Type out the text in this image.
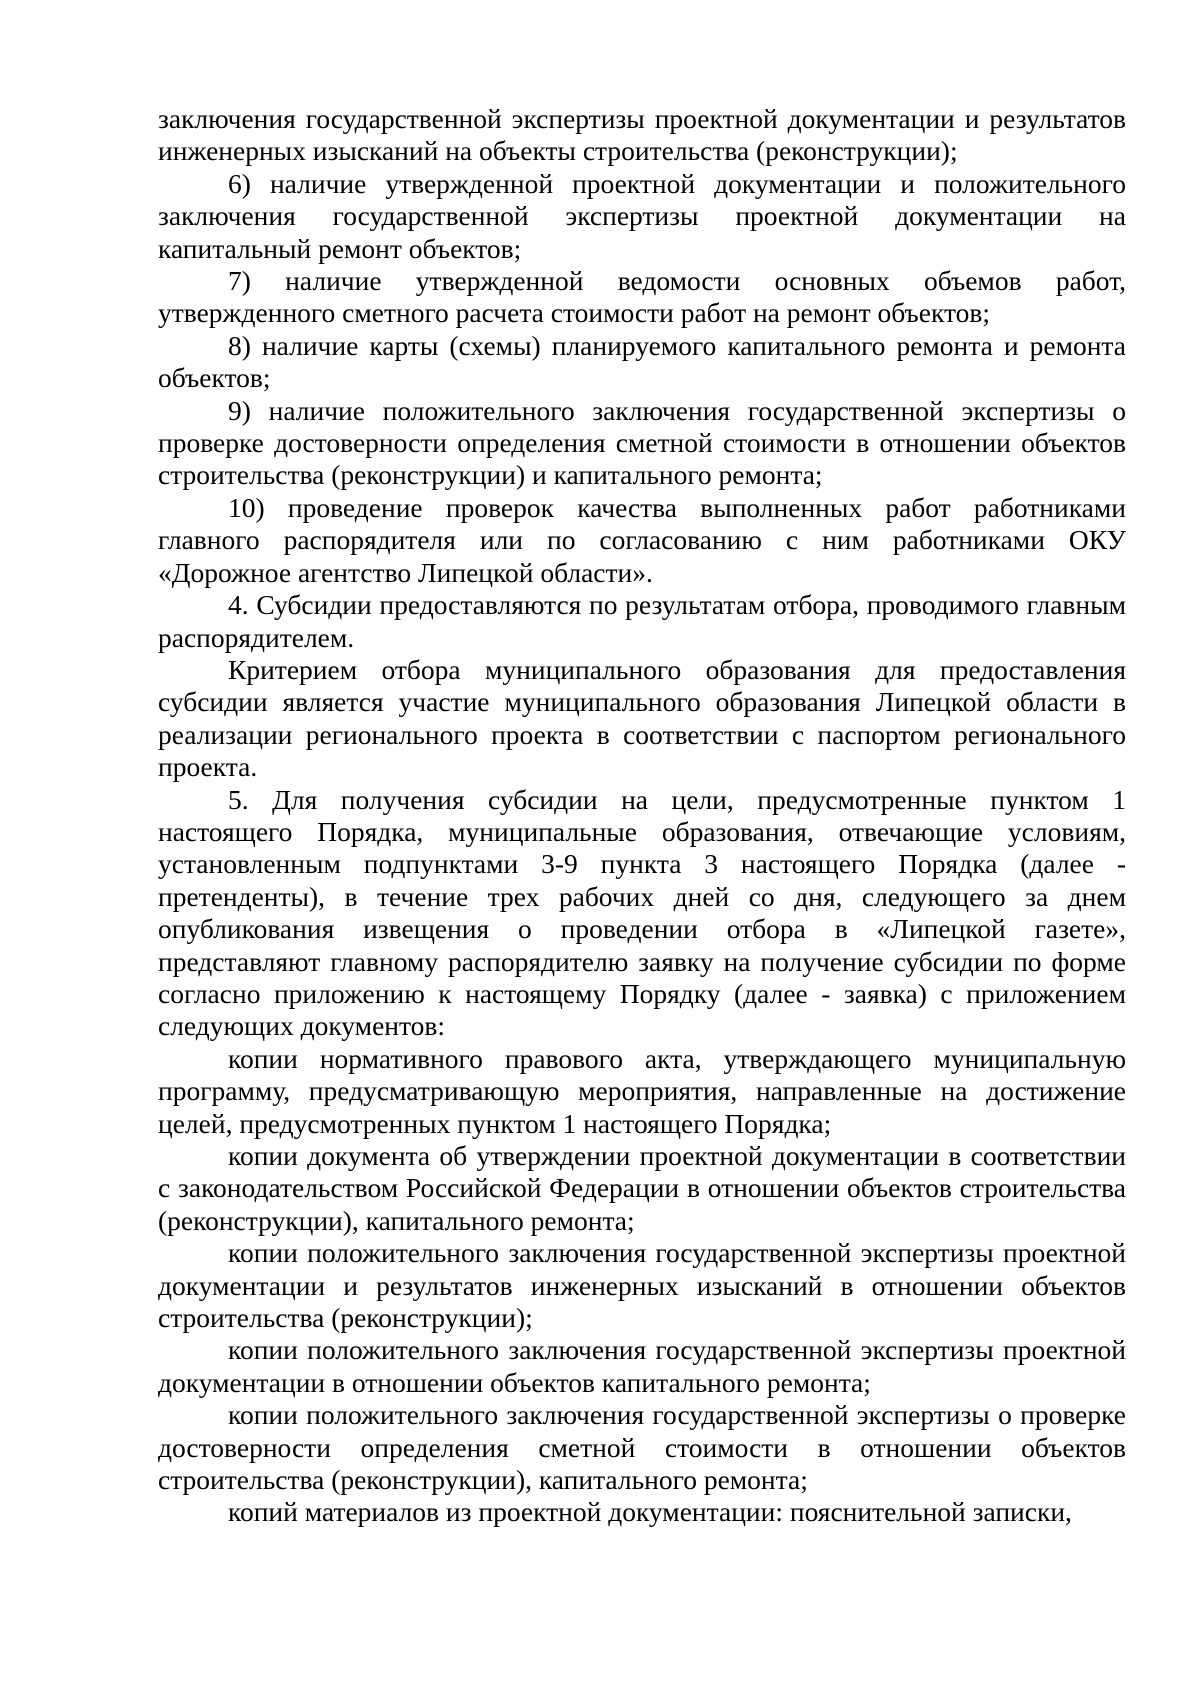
заключения государственной экспертизы проектной документации и результатов инженерных изысканий на объекты строительства (реконструкции);

6) наличие утвержденной проектной документации и положительного заключения государственной экспертизы проектной документации на капитальный ремонт объектов;

7) наличие утвержденной ведомости основных объемов работ, утвержденного сметного расчета стоимости работ на ремонт объектов;

8) наличие карты (схемы) планируемого капитального ремонта и ремонта объектов;

9) наличие положительного заключения государственной экспертизы о проверке достоверности определения сметной стоимости в отношении объектов строительства (реконструкции) и капитального ремонта;

10) проведение проверок качества выполненных работ работниками главного распорядителя или по согласованию с ним работниками ОКУ «Дорожное агентство Липецкой области».

4. Субсидии предоставляются по результатам отбора, проводимого главным распорядителем.

Критерием отбора муниципального образования для предоставления субсидии является участие муниципального образования Липецкой области в реализации регионального проекта в соответствии с паспортом регионального проекта.

5. Для получения субсидии на цели, предусмотренные пунктом 1 настоящего Порядка, муниципальные образования, отвечающие условиям, установленным подпунктами 3-9 пункта 3 настоящего Порядка (далее - претенденты), в течение трех рабочих дней со дня, следующего за днем опубликования извещения о проведении отбора в «Липецкой газете», представляют главному распорядителю заявку на получение субсидии по форме согласно приложению к настоящему Порядку (далее - заявка) с приложением следующих документов:

копии нормативного правового акта, утверждающего муниципальную программу, предусматривающую мероприятия, направленные на достижение целей, предусмотренных пунктом 1 настоящего Порядка;

копии документа об утверждении проектной документации в соответствии с законодательством Российской Федерации в отношении объектов строительства (реконструкции), капитального ремонта;

копии положительного заключения государственной экспертизы проектной документации и результатов инженерных изысканий в отношении объектов строительства (реконструкции);

копии положительного заключения государственной экспертизы проектной документации в отношении объектов капитального ремонта;

копии положительного заключения государственной экспертизы о проверке достоверности определения сметной стоимости в отношении объектов строительства (реконструкции), капитального ремонта;

копий материалов из проектной документации: пояснительной записки,
